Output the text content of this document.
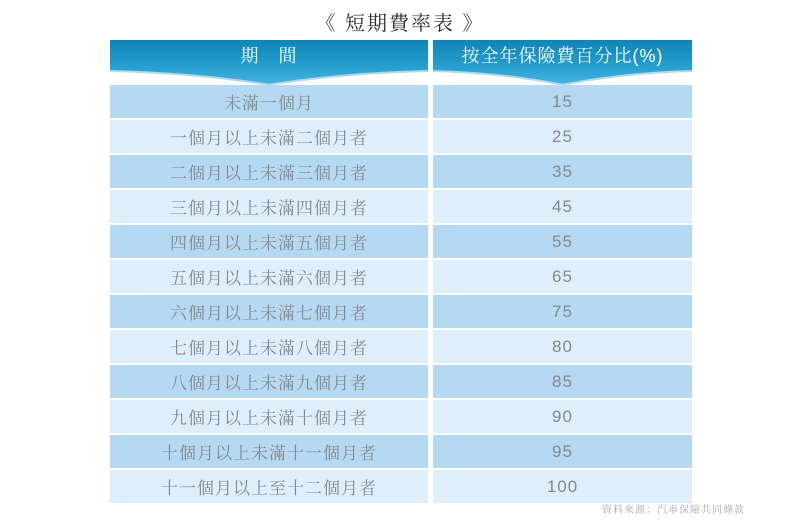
《 短期費率表 》
期　間	按全年保險費百分比(%)
未滿一個月	15
一個月以上未滿二個月者	25
二個月以上未滿三個月者	35
三個月以上未滿四個月者	45
四個月以上未滿五個月者	55
五個月以上未滿六個月者	65
六個月以上未滿七個月者	75
七個月以上未滿八個月者	80
八個月以上未滿九個月者	85
九個月以上未滿十個月者	90
十個月以上未滿十一個月者	95
十一個月以上至十二個月者	100
資料來源：汽車保險共同條款
